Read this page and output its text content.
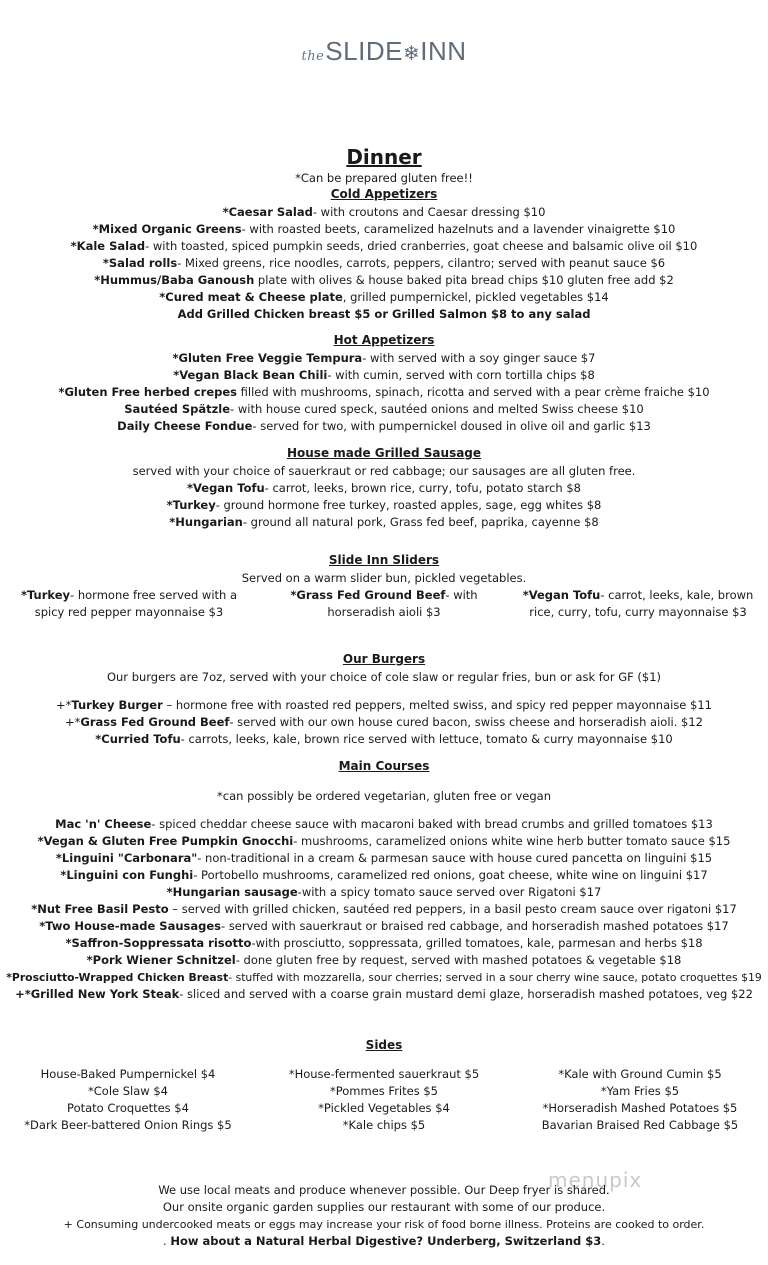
theSLIDE❄INN
Dinner
*Can be prepared gluten free!!
Cold Appetizers
*Caesar Salad- with croutons and Caesar dressing $10
*Mixed Organic Greens- with roasted beets, caramelized hazelnuts and a lavender vinaigrette $10
*Kale Salad- with toasted, spiced pumpkin seeds, dried cranberries, goat cheese and balsamic olive oil $10
*Salad rolls- Mixed greens, rice noodles, carrots, peppers, cilantro; served with peanut sauce $6
*Hummus/Baba Ganoush plate with olives & house baked pita bread chips $10 gluten free add $2
*Cured meat & Cheese plate, grilled pumpernickel, pickled vegetables $14
Add Grilled Chicken breast $5 or Grilled Salmon $8 to any salad
Hot Appetizers
*Gluten Free Veggie Tempura- with served with a soy ginger sauce $7
*Vegan Black Bean Chili- with cumin, served with corn tortilla chips $8
*Gluten Free herbed crepes filled with mushrooms, spinach, ricotta and served with a pear crème fraiche $10
Sautéed Spätzle- with house cured speck, sautéed onions and melted Swiss cheese $10
Daily Cheese Fondue- served for two, with pumpernickel doused in olive oil and garlic $13
House made Grilled Sausage
served with your choice of sauerkraut or red cabbage; our sausages are all gluten free.
*Vegan Tofu- carrot, leeks, brown rice, curry, tofu, potato starch $8
*Turkey- ground hormone free turkey, roasted apples, sage, egg whites $8
*Hungarian- ground all natural pork, Grass fed beef, paprika, cayenne $8
Slide Inn Sliders
Served on a warm slider bun, pickled vegetables.
*Turkey- hormone free served with a
spicy red pepper mayonnaise $3
*Grass Fed Ground Beef- with
horseradish aioli $3
*Vegan Tofu- carrot, leeks, kale, brown
rice, curry, tofu, curry mayonnaise $3
Our Burgers
Our burgers are 7oz, served with your choice of cole slaw or regular fries, bun or ask for GF ($1)
+*Turkey Burger – hormone free with roasted red peppers, melted swiss, and spicy red pepper mayonnaise $11
+*Grass Fed Ground Beef- served with our own house cured bacon, swiss cheese and horseradish aioli. $12
*Curried Tofu- carrots, leeks, kale, brown rice served with lettuce, tomato & curry mayonnaise $10
Main Courses
*can possibly be ordered vegetarian, gluten free or vegan
Mac 'n' Cheese- spiced cheddar cheese sauce with macaroni baked with bread crumbs and grilled tomatoes $13
*Vegan & Gluten Free Pumpkin Gnocchi- mushrooms, caramelized onions white wine herb butter tomato sauce $15
*Linguini "Carbonara"- non-traditional in a cream & parmesan sauce with house cured pancetta on linguini $15
*Linguini con Funghi- Portobello mushrooms, caramelized red onions, goat cheese, white wine on linguini $17
*Hungarian sausage-with a spicy tomato sauce served over Rigatoni $17
*Nut Free Basil Pesto – served with grilled chicken, sautéed red peppers, in a basil pesto cream sauce over rigatoni $17
*Two House-made Sausages- served with sauerkraut or braised red cabbage, and horseradish mashed potatoes $17
*Saffron-Soppressata risotto-with prosciutto, soppressata, grilled tomatoes, kale, parmesan and herbs $18
*Pork Wiener Schnitzel- done gluten free by request, served with mashed potatoes & vegetable $18
*Prosciutto-Wrapped Chicken Breast- stuffed with mozzarella, sour cherries; served in a sour cherry wine sauce, potato croquettes $19
+*Grilled New York Steak- sliced and served with a coarse grain mustard demi glaze, horseradish mashed potatoes, veg $22
Sides
House-Baked Pumpernickel $4
*Cole Slaw $4
Potato Croquettes $4
*Dark Beer-battered Onion Rings $5
*House-fermented sauerkraut $5
*Pommes Frites $5
*Pickled Vegetables $4
*Kale chips $5
*Kale with Ground Cumin $5
*Yam Fries $5
*Horseradish Mashed Potatoes $5
Bavarian Braised Red Cabbage $5
menupix
We use local meats and produce whenever possible. Our Deep fryer is shared.
Our onsite organic garden supplies our restaurant with some of our produce.
+ Consuming undercooked meats or eggs may increase your risk of food borne illness. Proteins are cooked to order.
. How about a Natural Herbal Digestive? Underberg, Switzerland $3.
